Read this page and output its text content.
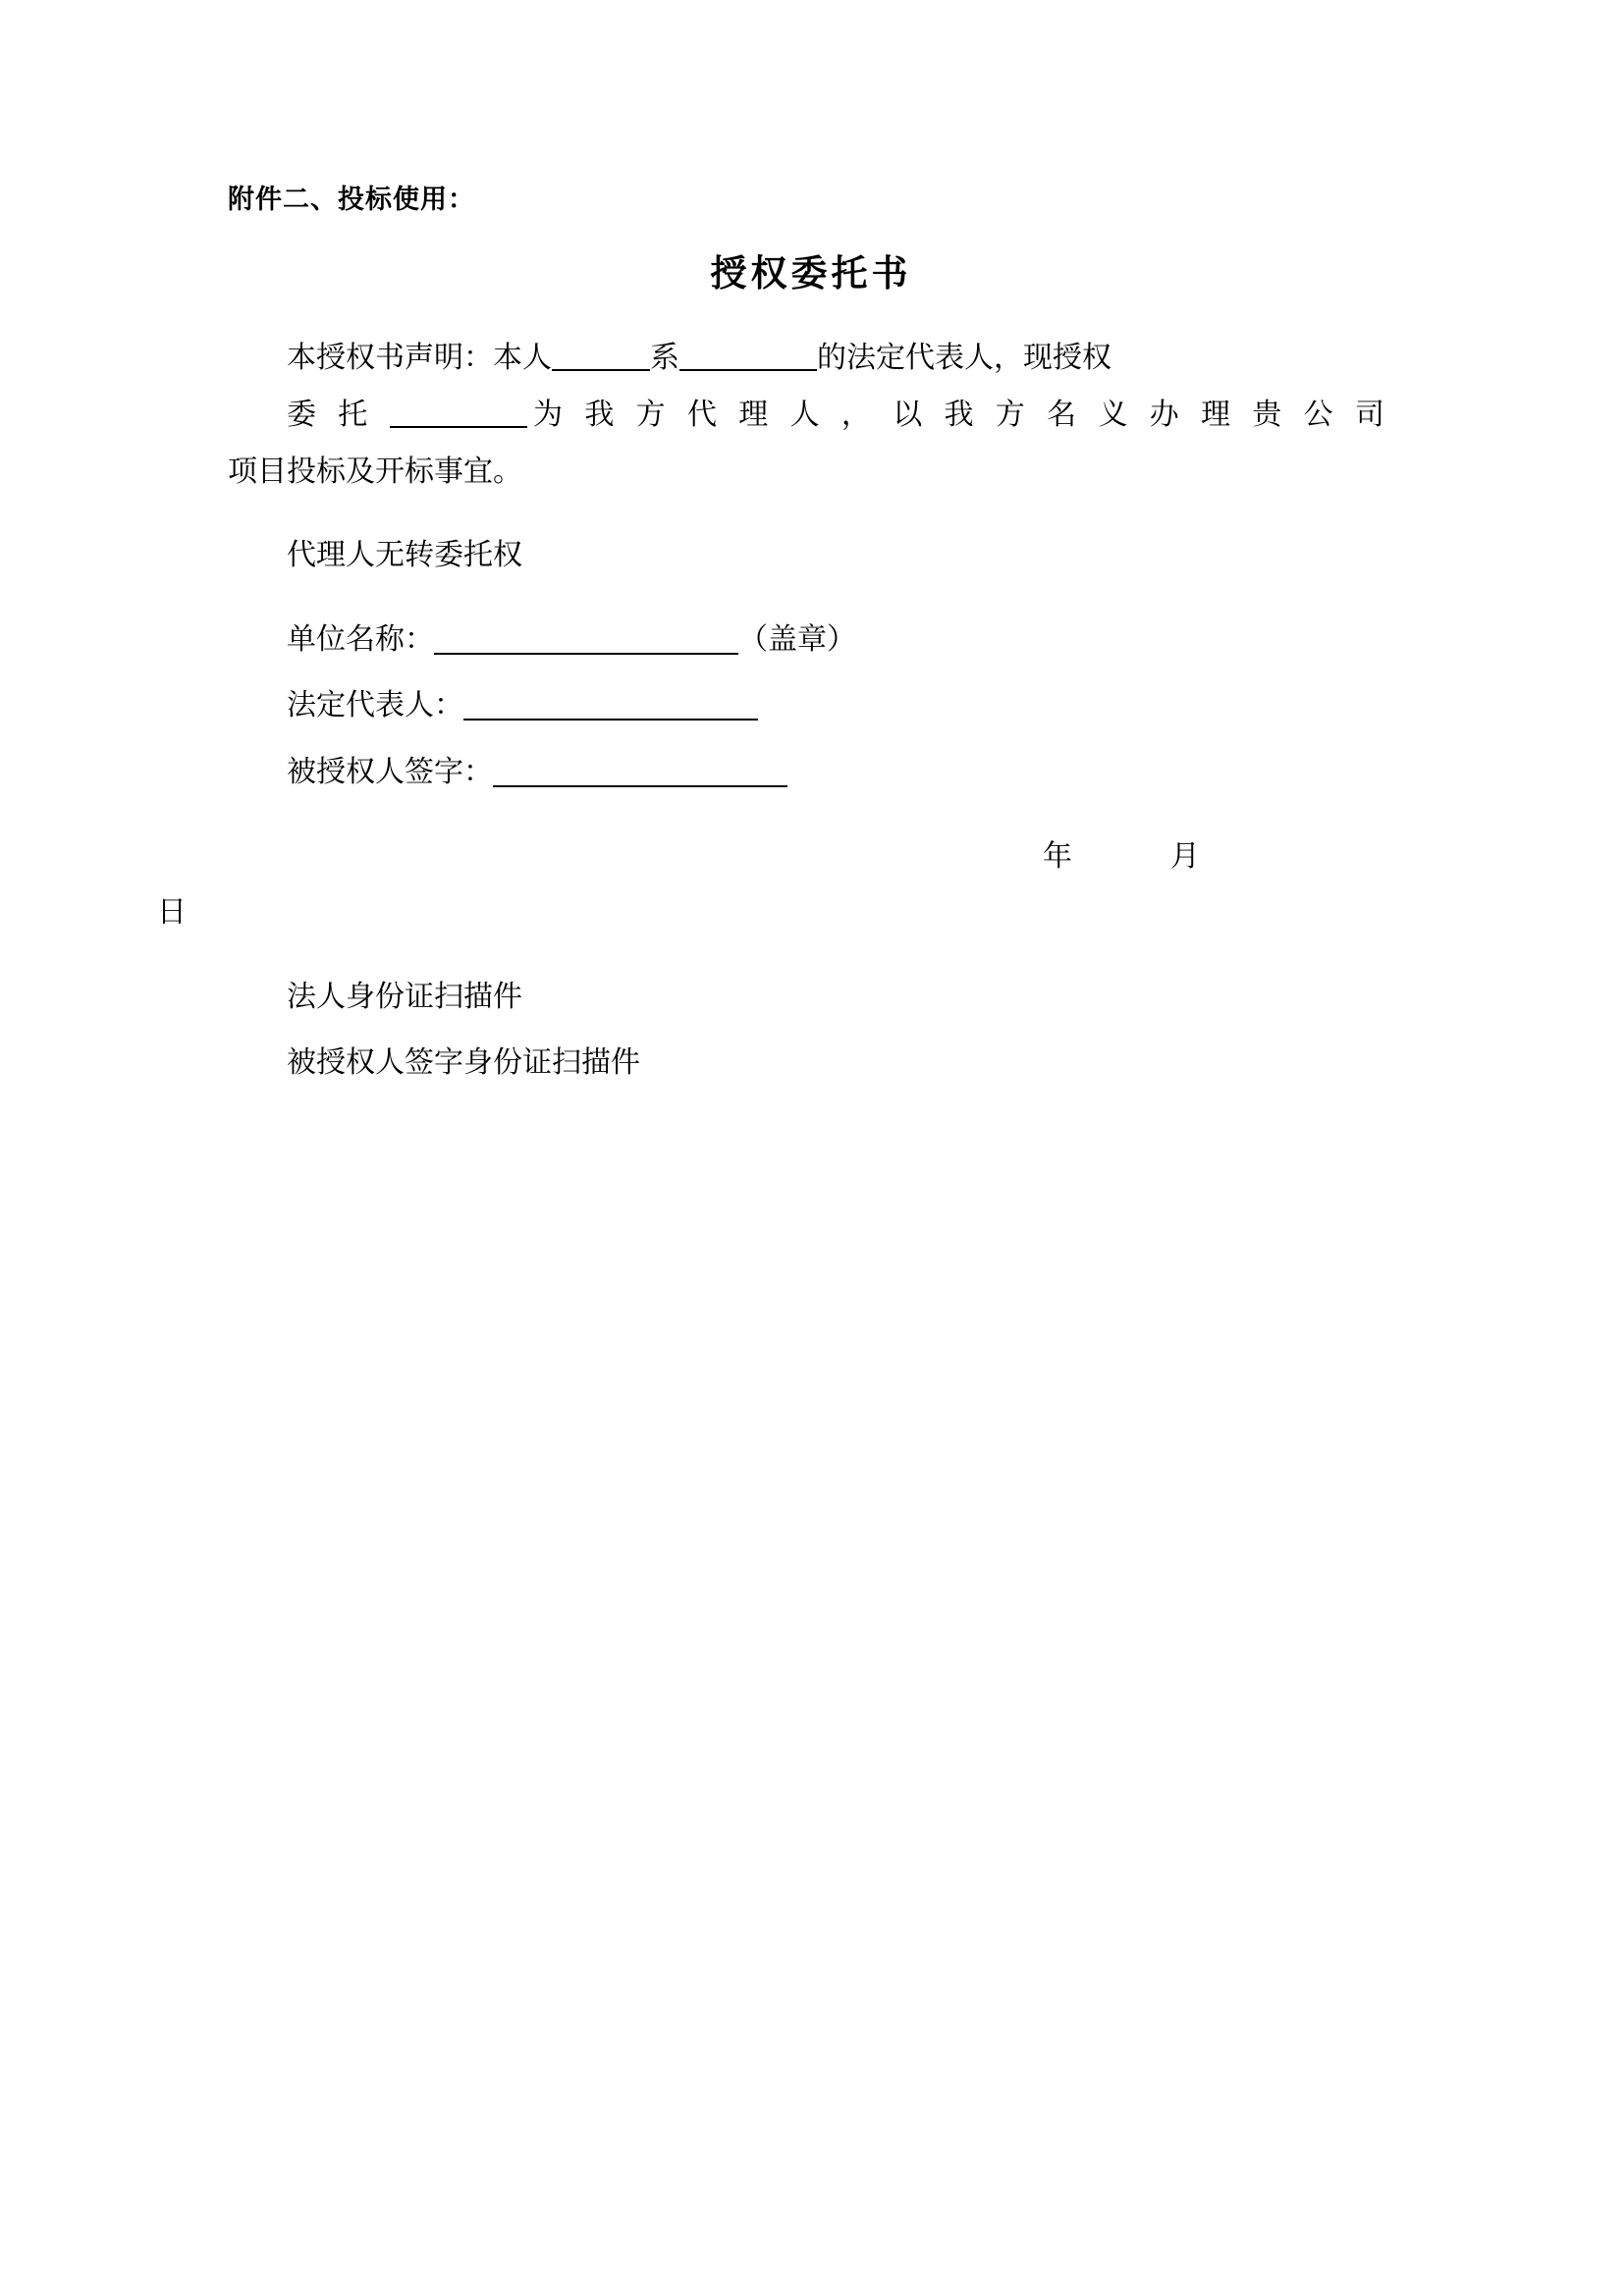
附件二、投标使用：

授权委托书

本授权书声明：本人	系	的法定代表人，现授权

委 托	为 我 方 代 理 人 ， 以 我 方 名 义 办 理 贵 公 司

项目投标及开标事宜。

代理人无转委托权

单位名称：	（盖章）

法定代表人：

被授权人签字：

年	月

日

法人身份证扫描件

被授权人签字身份证扫描件
